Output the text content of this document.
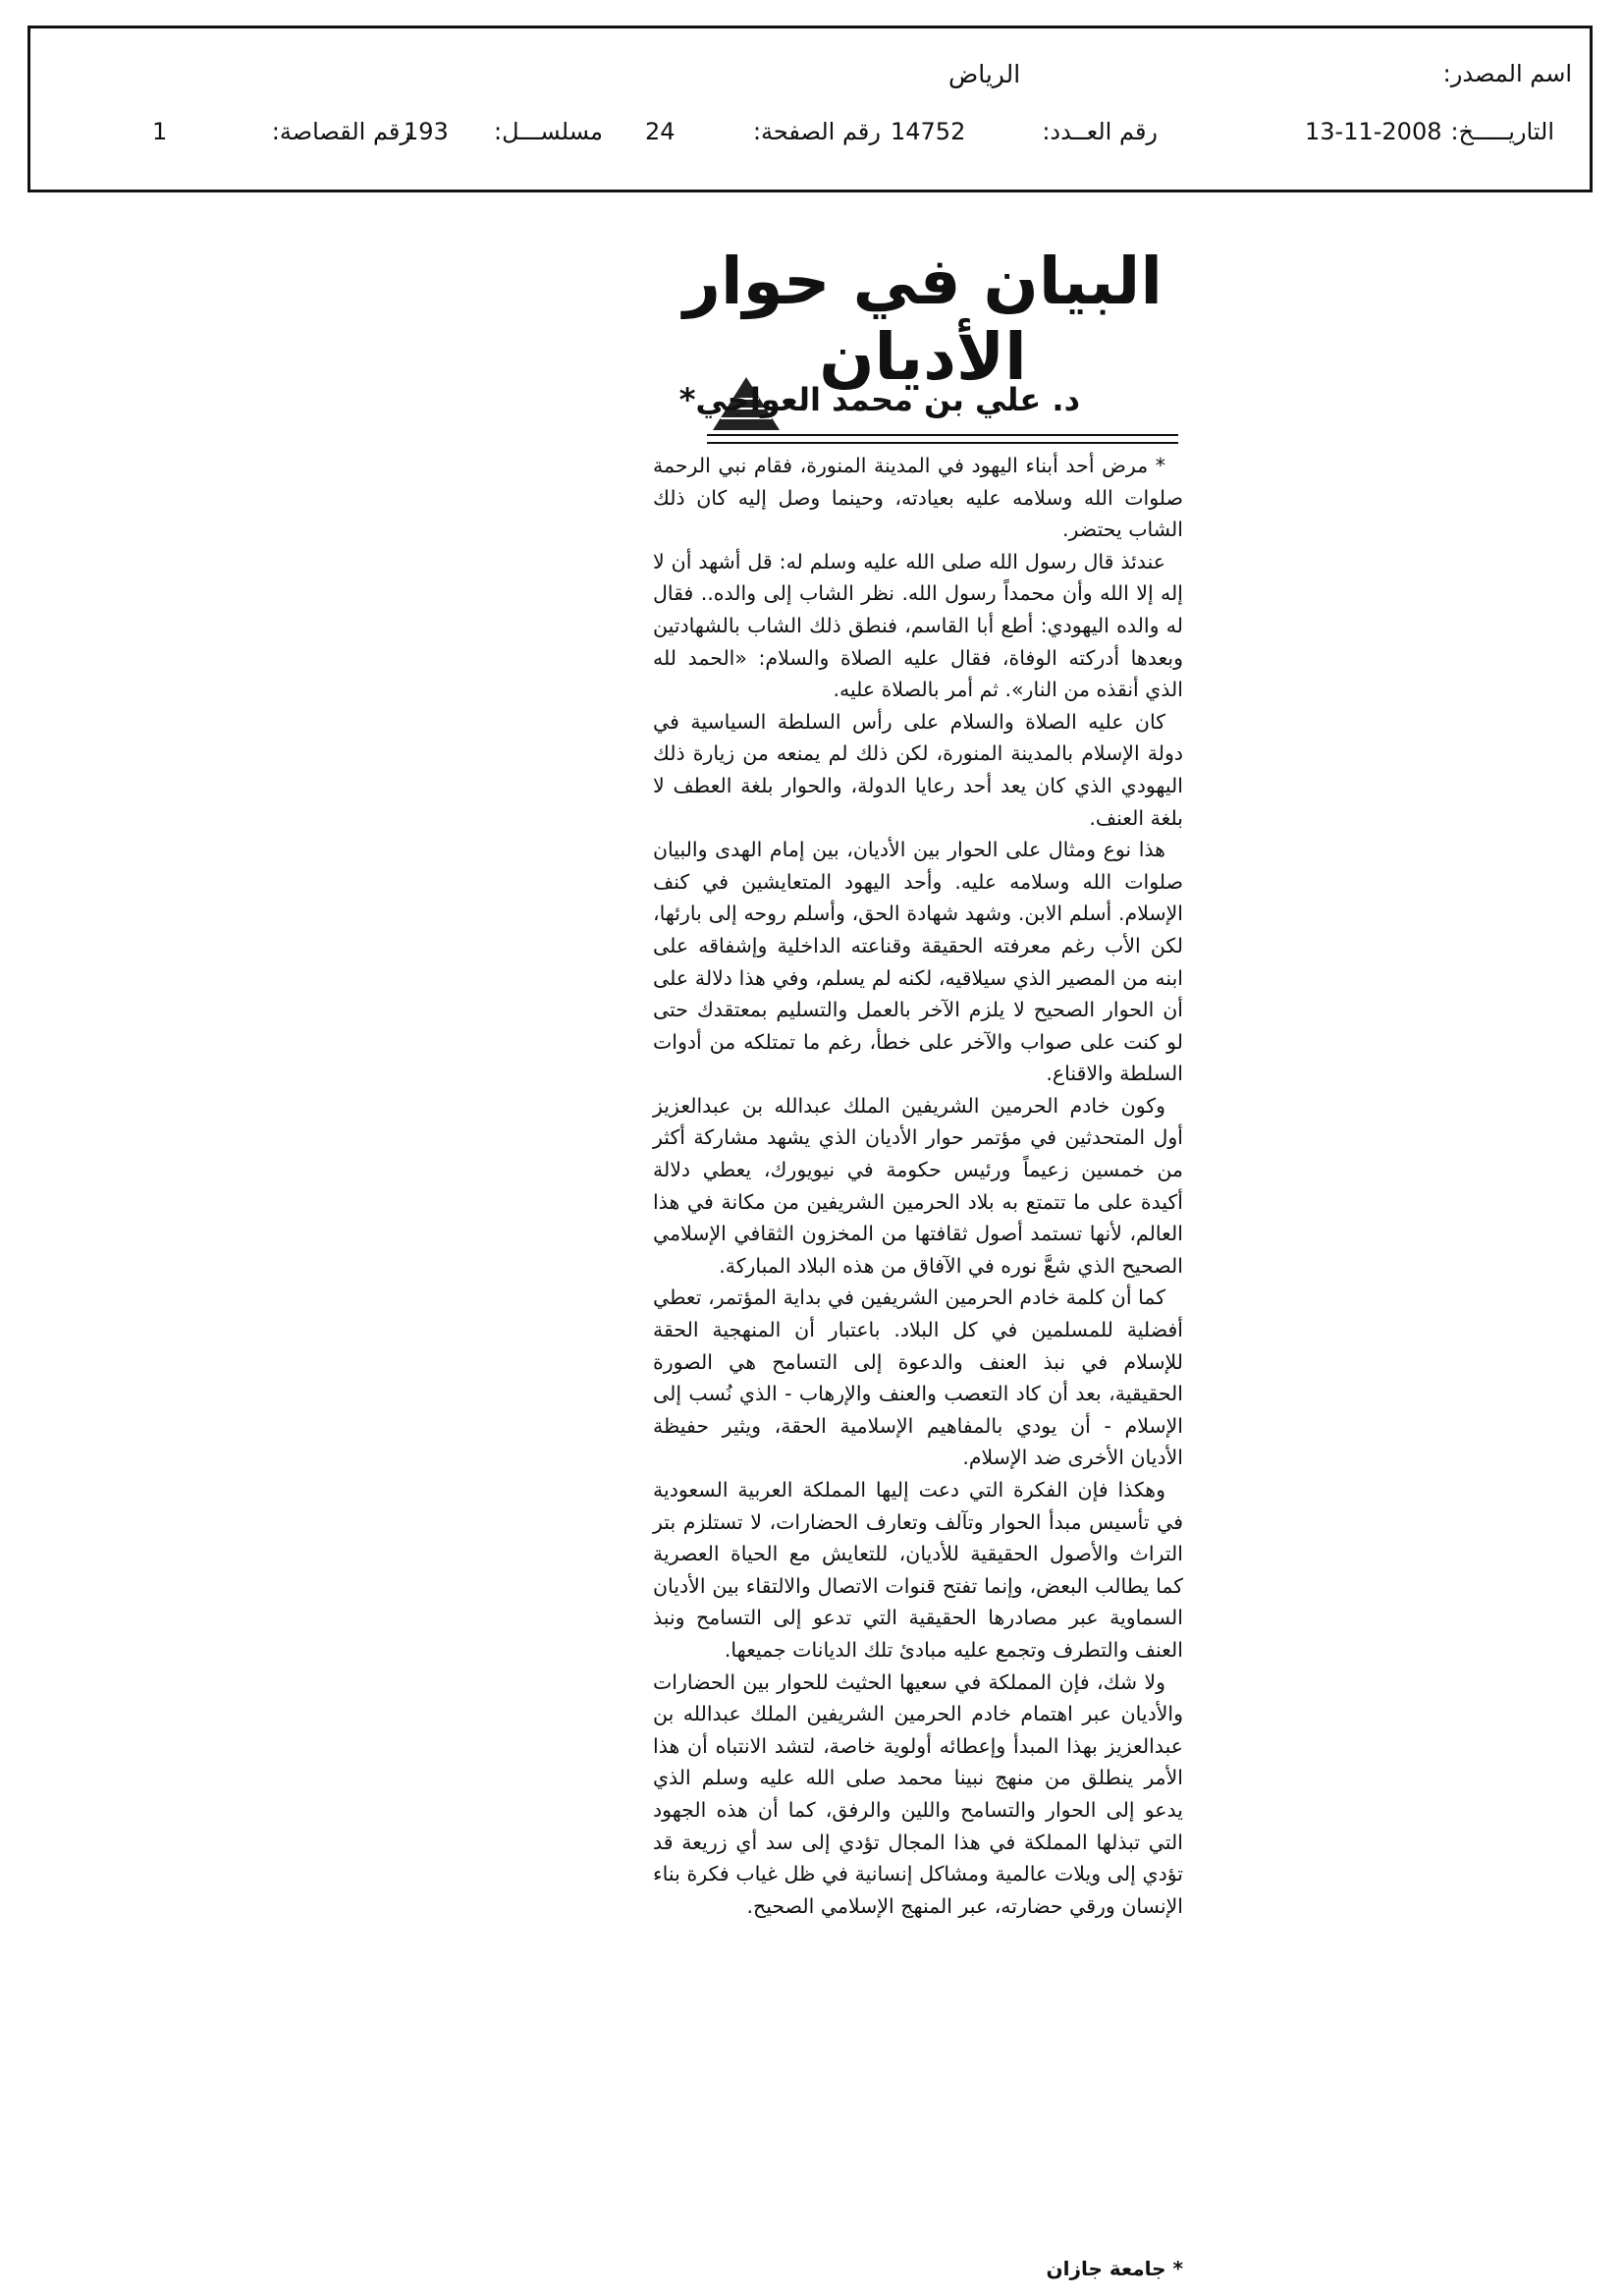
اسم المصدر:
الرياض
التاريـــــخ:
13-11-2008
رقم العــدد:
14752
رقم الصفحة:
24
مسلســـل:
193
رقم القصاصة:
1
البيان في حوار الأديان
د. علي بن محمد العواجي*

* مرض أحد أبناء اليهود في المدينة المنورة، فقام نبي الرحمة صلوات الله وسلامه عليه بعيادته، وحينما وصل إليه كان ذلك الشاب يحتضر.

عندئذ قال رسول الله صلى الله عليه وسلم له: قل أشهد أن لا إله إلا الله وأن محمداً رسول الله. نظر الشاب إلى والده.. فقال له والده اليهودي: أطع أبا القاسم، فنطق ذلك الشاب بالشهادتين وبعدها أدركته الوفاة، فقال عليه الصلاة والسلام: «الحمد لله الذي أنقذه من النار». ثم أمر بالصلاة عليه.

كان عليه الصلاة والسلام على رأس السلطة السياسية في دولة الإسلام بالمدينة المنورة، لكن ذلك لم يمنعه من زيارة ذلك اليهودي الذي كان يعد أحد رعايا الدولة، والحوار بلغة العطف لا بلغة العنف.

هذا نوع ومثال على الحوار بين الأديان، بين إمام الهدى والبيان صلوات الله وسلامه عليه. وأحد اليهود المتعايشين في كنف الإسلام. أسلم الابن. وشهد شهادة الحق، وأسلم روحه إلى بارئها، لكن الأب رغم معرفته الحقيقة وقناعته الداخلية وإشفاقه على ابنه من المصير الذي سيلاقيه، لكنه لم يسلم، وفي هذا دلالة على أن الحوار الصحيح لا يلزم الآخر بالعمل والتسليم بمعتقدك حتى لو كنت على صواب والآخر على خطأ، رغم ما تمتلكه من أدوات السلطة والاقناع.

وكون خادم الحرمين الشريفين الملك عبدالله بن عبدالعزيز أول المتحدثين في مؤتمر حوار الأديان الذي يشهد مشاركة أكثر من خمسين زعيماً ورئيس حكومة في نيويورك، يعطي دلالة أكيدة على ما تتمتع به بلاد الحرمين الشريفين من مكانة في هذا العالم، لأنها تستمد أصول ثقافتها من المخزون الثقافي الإسلامي الصحيح الذي شعَّ نوره في الآفاق من هذه البلاد المباركة.

كما أن كلمة خادم الحرمين الشريفين في بداية المؤتمر، تعطي أفضلية للمسلمين في كل البلاد. باعتبار أن المنهجية الحقة للإسلام في نبذ العنف والدعوة إلى التسامح هي الصورة الحقيقية، بعد أن كاد التعصب والعنف والإرهاب - الذي نُسب إلى الإسلام - أن يودي بالمفاهيم الإسلامية الحقة، ويثير حفيظة الأديان الأخرى ضد الإسلام.

وهكذا فإن الفكرة التي دعت إليها المملكة العربية السعودية في تأسيس مبدأ الحوار وتآلف وتعارف الحضارات، لا تستلزم بتر التراث والأصول الحقيقية للأديان، للتعايش مع الحياة العصرية كما يطالب البعض، وإنما تفتح قنوات الاتصال والالتقاء بين الأديان السماوية عبر مصادرها الحقيقية التي تدعو إلى التسامح ونبذ العنف والتطرف وتجمع عليه مبادئ تلك الديانات جميعها.

ولا شك، فإن المملكة في سعيها الحثيث للحوار بين الحضارات والأديان عبر اهتمام خادم الحرمين الشريفين الملك عبدالله بن عبدالعزيز بهذا المبدأ وإعطائه أولوية خاصة، لتشد الانتباه أن هذا الأمر ينطلق من منهج نبينا محمد صلى الله عليه وسلم الذي يدعو إلى الحوار والتسامح واللين والرفق، كما أن هذه الجهود التي تبذلها المملكة في هذا المجال تؤدي إلى سد أي زريعة قد تؤدي إلى ويلات عالمية ومشاكل إنسانية في ظل غياب فكرة بناء الإنسان ورقي حضارته، عبر المنهج الإسلامي الصحيح.

* جامعة جازان
